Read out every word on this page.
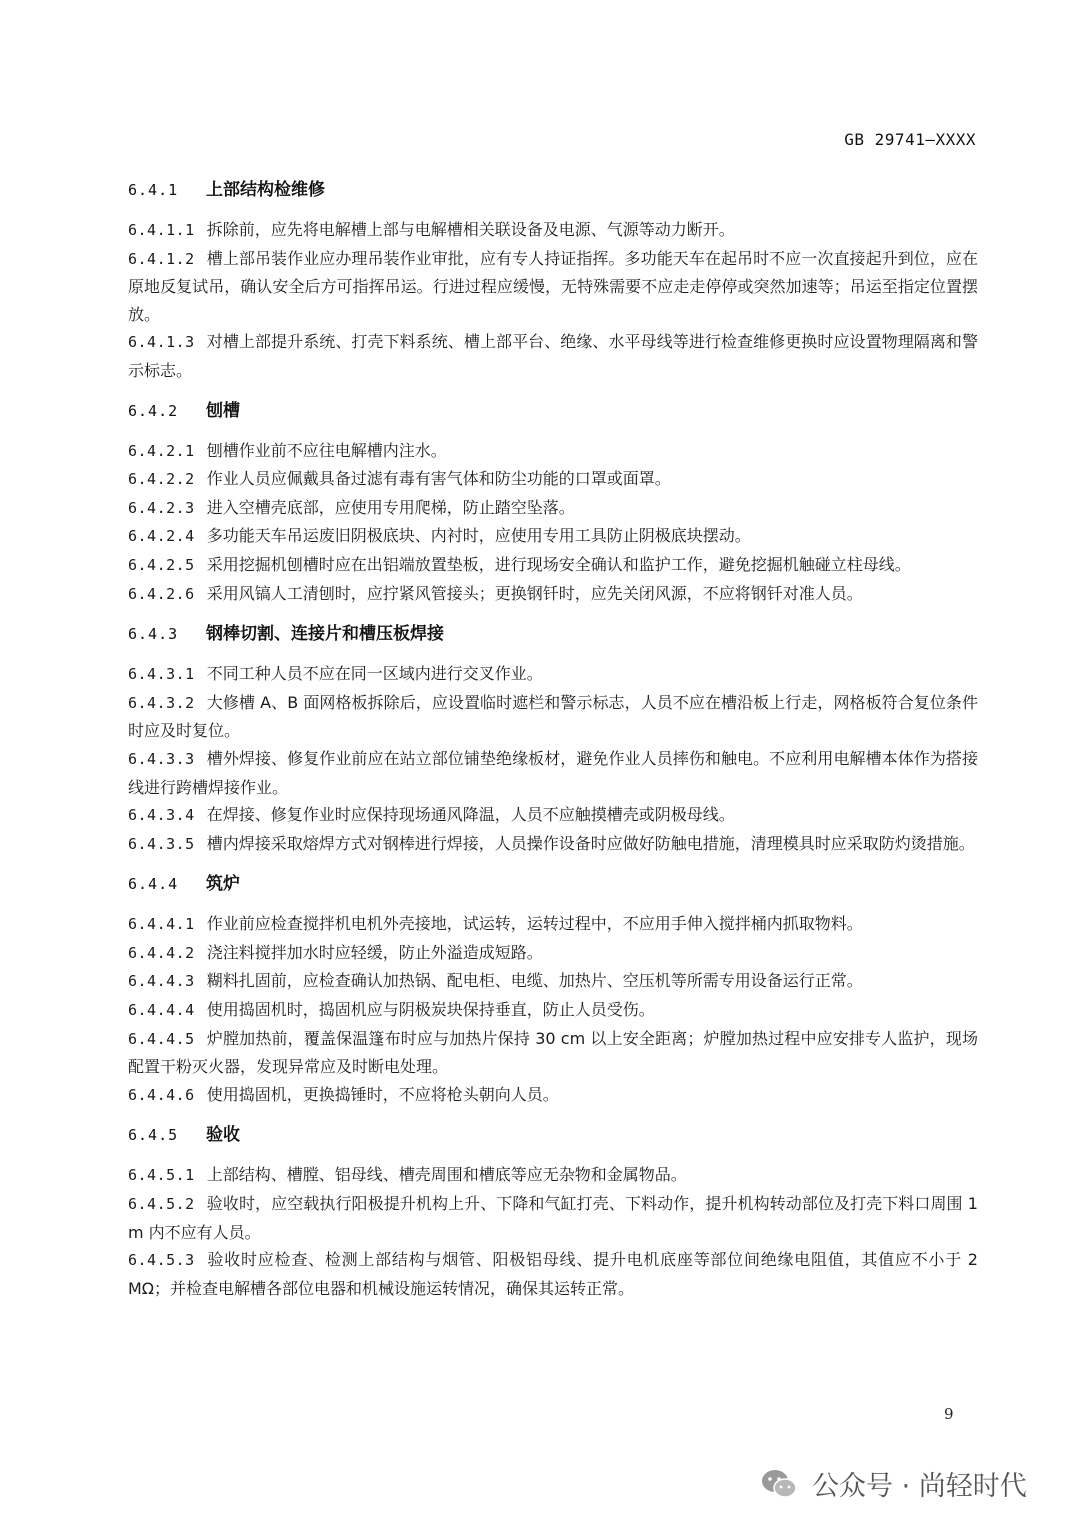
GB 29741—XXXX
6.4.1	上部结构检维修

6.4.1.1 拆除前，应先将电解槽上部与电解槽相关联设备及电源、气源等动力断开。

6.4.1.2 槽上部吊装作业应办理吊装作业审批，应有专人持证指挥。多功能天车在起吊时不应一次直接起升到位，应在原地反复试吊，确认安全后方可指挥吊运。行进过程应缓慢，无特殊需要不应走走停停或突然加速等；吊运至指定位置摆放。

6.4.1.3 对槽上部提升系统、打壳下料系统、槽上部平台、绝缘、水平母线等进行检查维修更换时应设置物理隔离和警示标志。

6.4.2	刨槽

6.4.2.1 刨槽作业前不应往电解槽内注水。

6.4.2.2 作业人员应佩戴具备过滤有毒有害气体和防尘功能的口罩或面罩。

6.4.2.3 进入空槽壳底部，应使用专用爬梯，防止踏空坠落。

6.4.2.4 多功能天车吊运废旧阴极底块、内衬时，应使用专用工具防止阴极底块摆动。

6.4.2.5 采用挖掘机刨槽时应在出铝端放置垫板，进行现场安全确认和监护工作，避免挖掘机触碰立柱母线。

6.4.2.6 采用风镐人工清刨时，应拧紧风管接头；更换钢钎时，应先关闭风源，不应将钢钎对准人员。

6.4.3	钢棒切割、连接片和槽压板焊接

6.4.3.1 不同工种人员不应在同一区域内进行交叉作业。

6.4.3.2 大修槽 A、B 面网格板拆除后，应设置临时遮栏和警示标志，人员不应在槽沿板上行走，网格板符合复位条件时应及时复位。

6.4.3.3 槽外焊接、修复作业前应在站立部位铺垫绝缘板材，避免作业人员摔伤和触电。不应利用电解槽本体作为搭接线进行跨槽焊接作业。

6.4.3.4 在焊接、修复作业时应保持现场通风降温，人员不应触摸槽壳或阴极母线。

6.4.3.5 槽内焊接采取熔焊方式对钢棒进行焊接，人员操作设备时应做好防触电措施，清理模具时应采取防灼烫措施。

6.4.4	筑炉

6.4.4.1 作业前应检查搅拌机电机外壳接地，试运转，运转过程中，不应用手伸入搅拌桶内抓取物料。

6.4.4.2 浇注料搅拌加水时应轻缓，防止外溢造成短路。

6.4.4.3 糊料扎固前，应检查确认加热锅、配电柜、电缆、加热片、空压机等所需专用设备运行正常。

6.4.4.4 使用捣固机时，捣固机应与阴极炭块保持垂直，防止人员受伤。

6.4.4.5 炉膛加热前，覆盖保温篷布时应与加热片保持 30 cm 以上安全距离；炉膛加热过程中应安排专人监护，现场配置干粉灭火器，发现异常应及时断电处理。

6.4.4.6 使用捣固机，更换捣锤时，不应将枪头朝向人员。

6.4.5	验收

6.4.5.1 上部结构、槽膛、铝母线、槽壳周围和槽底等应无杂物和金属物品。

6.4.5.2 验收时，应空载执行阳极提升机构上升、下降和气缸打壳、下料动作，提升机构转动部位及打壳下料口周围 1 m 内不应有人员。

6.4.5.3 验收时应检查、检测上部结构与烟管、阳极铝母线、提升电机底座等部位间绝缘电阻值，其值应不小于 2 MΩ；并检查电解槽各部位电器和机械设施运转情况，确保其运转正常。

9
公众号 · 尚轻时代
